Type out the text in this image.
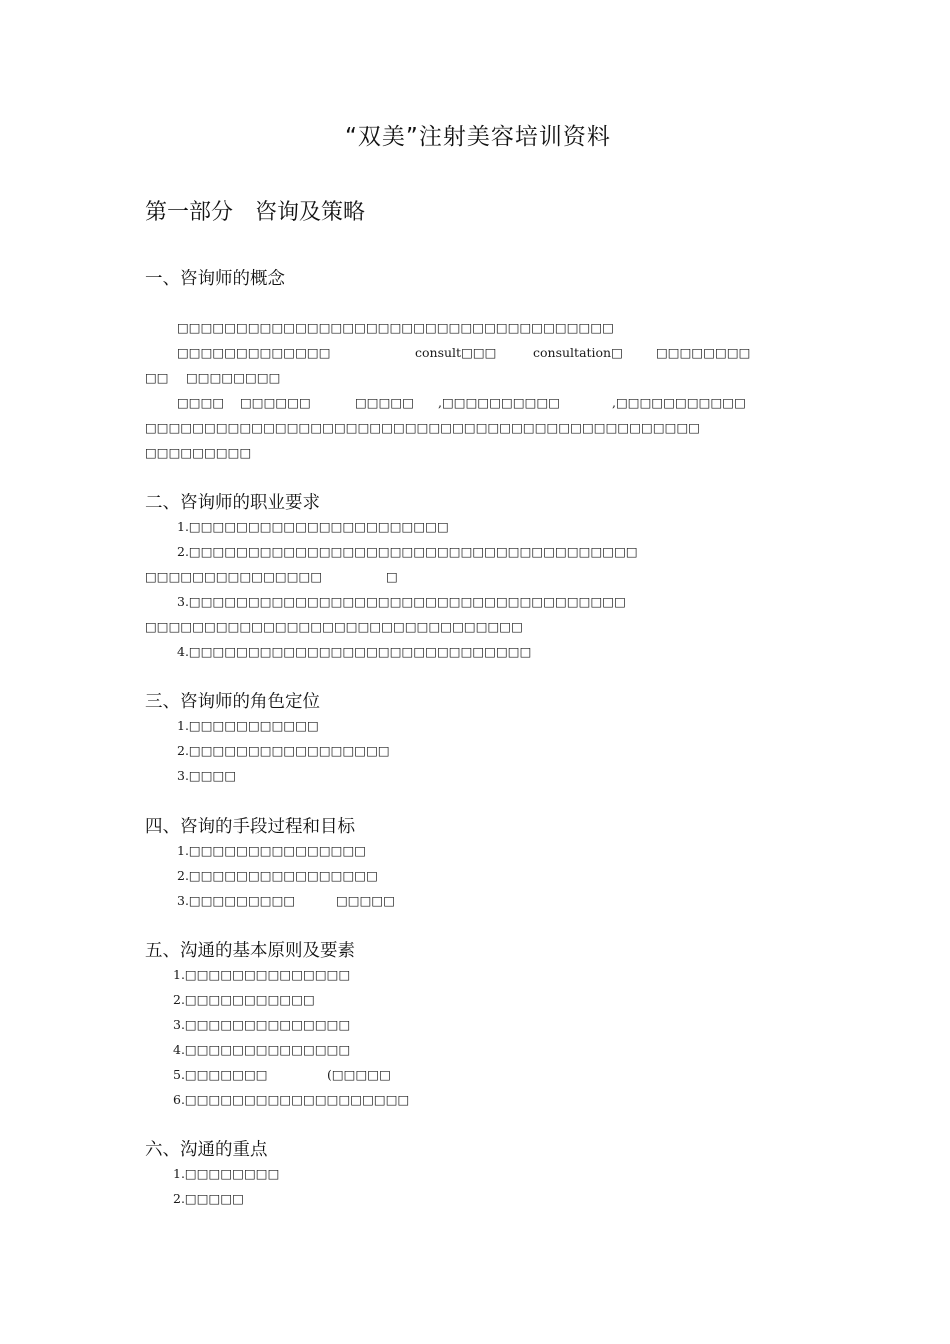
“双美”注射美容培训资料
第一部分　咨询及策略
一、咨询师的概念
□□□□□□□□□□□□□□□□□□□□□□□□□□□□□□□□□□□□□
□□□□□□□□□□□□□	consult□□□	consultation□	□□□□□□□□
□□ □□□□□□□□
□□□□ □□□□□□	□□□□□ ,□□□□□□□□□□	,□□□□□□□□□□□
□□□□□□□□□□□□□□□□□□□□□□□□□□□□□□□□□□□□□□□□□□□□□□□
□□□□□□□□□
二、咨询师的职业要求
1.□□□□□□□□□□□□□□□□□□□□□□
2.□□□□□□□□□□□□□□□□□□□□□□□□□□□□□□□□□□□□□□
□□□□□□□□□□□□□□□	□
3.□□□□□□□□□□□□□□□□□□□□□□□□□□□□□□□□□□□□□
□□□□□□□□□□□□□□□□□□□□□□□□□□□□□□□□
4.□□□□□□□□□□□□□□□□□□□□□□□□□□□□□
三、咨询师的角色定位
1.□□□□□□□□□□□
2.□□□□□□□□□□□□□□□□□
3.□□□□
四、咨询的手段过程和目标
1.□□□□□□□□□□□□□□□
2.□□□□□□□□□□□□□□□□
3.□□□□□□□□□	□□□□□
五、沟通的基本原则及要素
1.□□□□□□□□□□□□□□
2.□□□□□□□□□□□
3.□□□□□□□□□□□□□□
4.□□□□□□□□□□□□□□
5.□□□□□□□	(□□□□□
6.□□□□□□□□□□□□□□□□□□□
六、沟通的重点
1.□□□□□□□□
2.□□□□□
